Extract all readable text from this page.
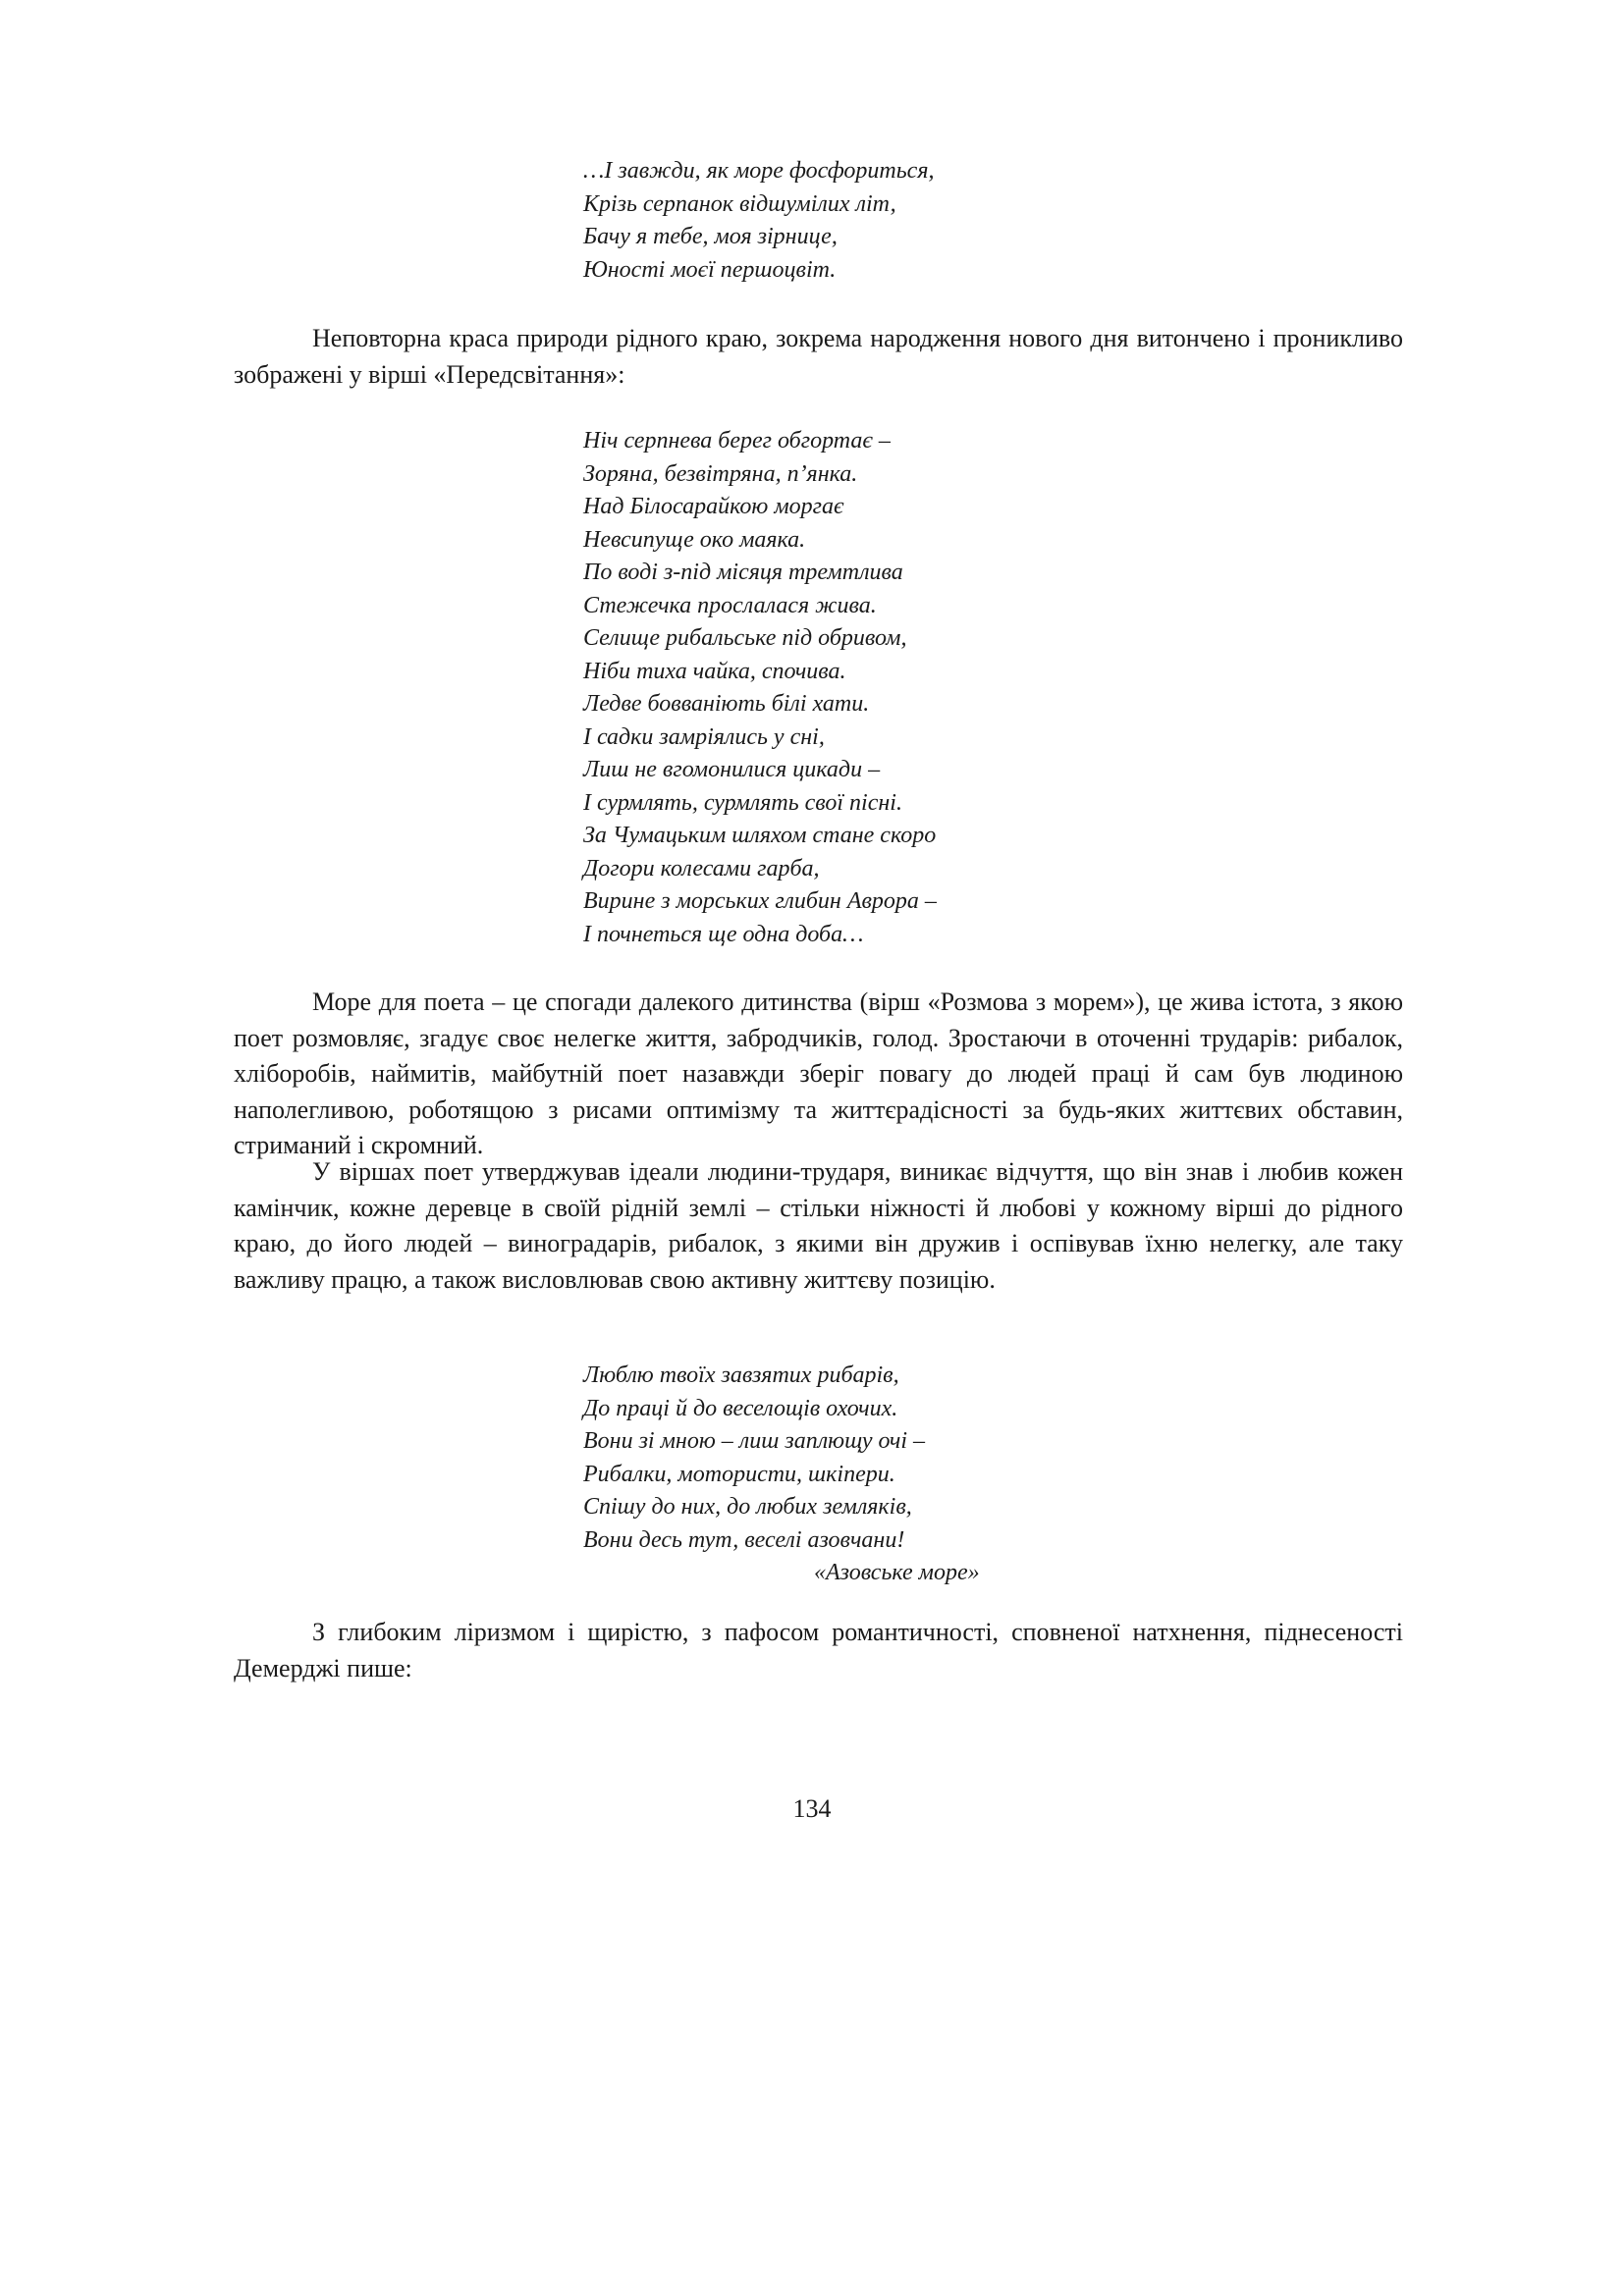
…І завжди, як море фосфориться,
Крізь серпанок відшумілих літ,
Бачу я тебе, моя зірнице,
Юності моєї першоцвіт.

Неповторна краса природи рідного краю, зокрема народження нового дня витончено і проникливо зображені у вірші «Передсвітання»:

Ніч серпнева берег обгортає –
Зоряна, безвітряна, п’янка.
Над Білосарайкою моргає
Невсипуще око маяка.
По воді з-під місяця тремтлива
Стежечка прослалася жива.
Селище рибальське під обривом,
Ніби тиха чайка, спочива.
Ледве бовваніють білі хати.
І садки замріялись у сні,
Лиш не вгомонилися цикади –
І сурмлять, сурмлять свої пісні.
За Чумацьким шляхом стане скоро
Догори колесами гарба,
Вирине з морських глибин Аврора –
І почнеться ще одна доба…

Море для поета – це спогади далекого дитинства (вірш «Розмова з морем»), це жива істота, з якою поет розмовляє, згадує своє нелегке життя, забродчиків, голод. Зростаючи в оточенні трударів: рибалок, хліборобів, наймитів, майбутній поет назавжди зберіг повагу до людей праці й сам був людиною наполегливою, роботящою з рисами оптимізму та життєрадісності за будь-яких життєвих обставин, стриманий і скромний.

У віршах поет утверджував ідеали людини-трударя, виникає відчуття, що він знав і любив кожен камінчик, кожне деревце в своїй рідній землі – стільки ніжності й любові у кожному вірші до рідного краю, до його людей – виноградарів, рибалок, з якими він дружив і оспівував їхню нелегку, але таку важливу працю, а також висловлював свою активну життєву позицію.

Люблю твоїх завзятих рибарів,
До праці й до веселощів охочих.
Вони зі мною – лиш заплющу очі –
Рибалки, мотористи, шкіпери.
Спішу до них, до любих земляків,
Вони десь тут, веселі азовчани!
«Азовське море»

З глибоким ліризмом і щирістю, з пафосом романтичності, сповненої натхнення, піднесеності Демерджі пише:

134
